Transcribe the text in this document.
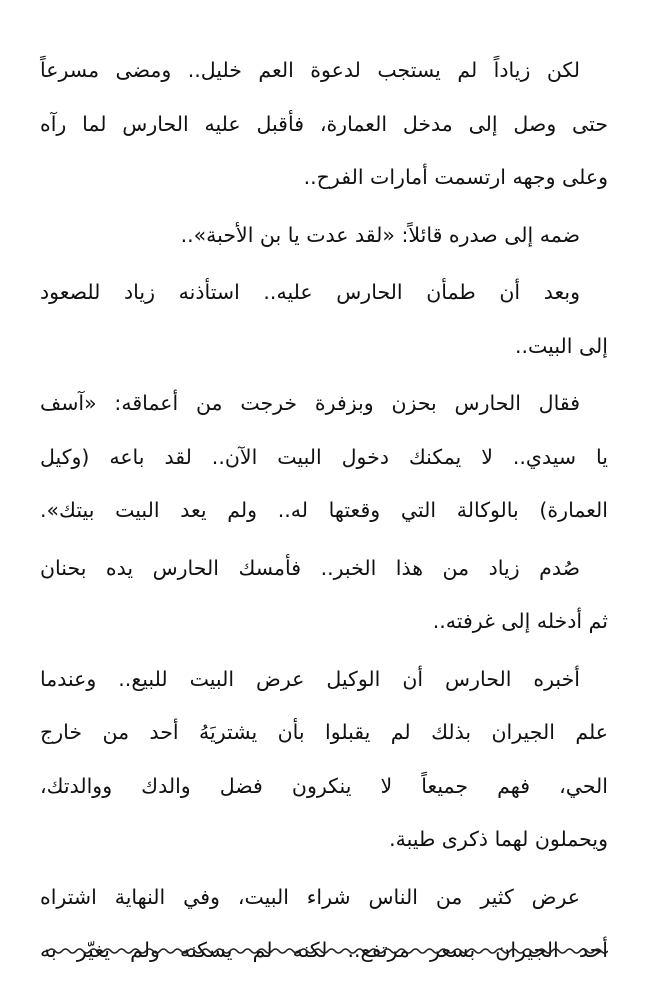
لكن زياداً لم يستجب لدعوة العم خليل.. ومضى مسرعاً
حتى وصل إلى مدخل العمارة، فأقبل عليه الحارس لما رآه
وعلى وجهه ارتسمت أمارات الفرح..
ضمه إلى صدره قائلاً: «لقد عدت يا بن الأحبة»..
وبعد أن طمأن الحارس عليه.. استأذنه زياد للصعود
إلى البيت..
فقال الحارس بحزن وبزفرة خرجت من أعماقه: «آسف
يا سيدي.. لا يمكنك دخول البيت الآن.. لقد باعه (وكيل
العمارة) بالوكالة التي وقعتها له.. ولم يعد البيت بيتك».
صُدم زياد من هذا الخبر.. فأمسك الحارس يده بحنان
ثم أدخله إلى غرفته..
أخبره الحارس أن الوكيل عرض البيت للبيع.. وعندما
علم الجيران بذلك لم يقبلوا بأن يشتريَهُ أحد من خارج
الحي، فهم جميعاً لا ينكرون فضل والدك ووالدتك،
ويحملون لهما ذكرى طيبة.
عرض كثير من الناس شراء البيت، وفي النهاية اشتراه
أحد الجيران بسعر مرتفع.. لكنه لم يسكنه ولم يغيّر به
